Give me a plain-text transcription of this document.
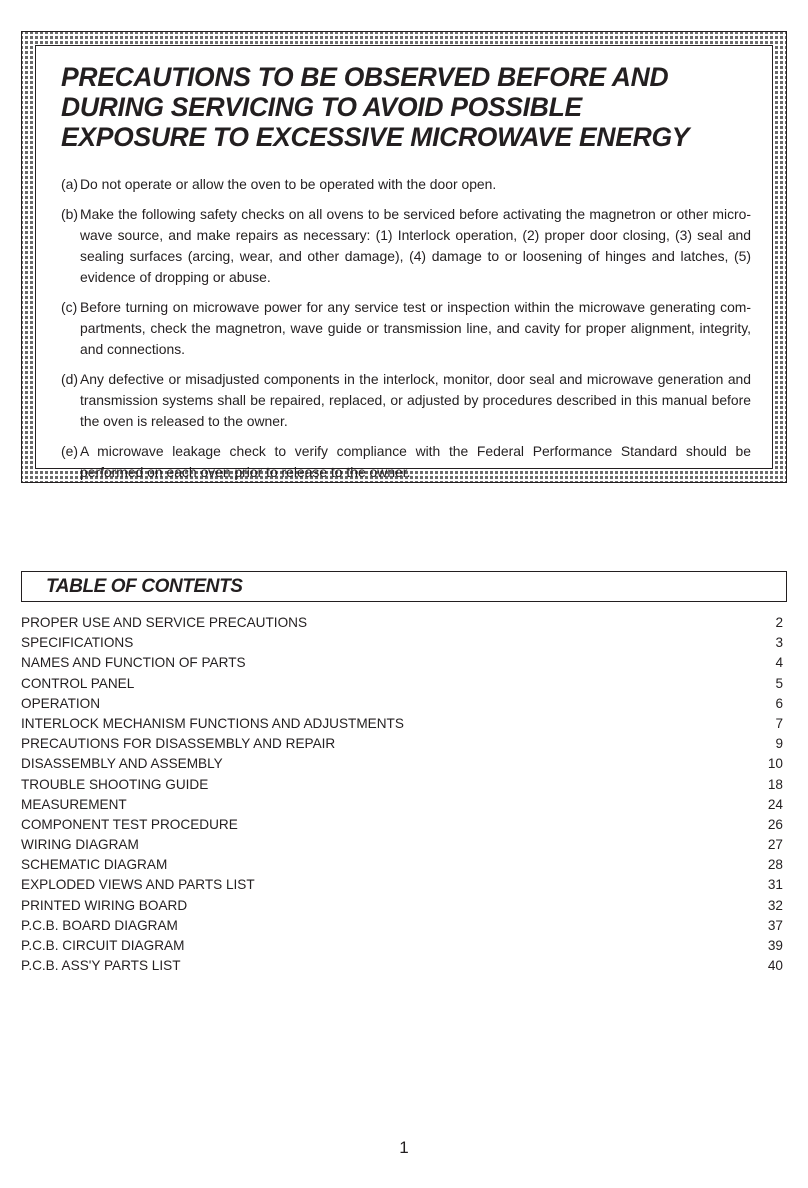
PRECAUTIONS TO BE OBSERVED BEFORE AND
DURING SERVICING TO AVOID POSSIBLE
EXPOSURE TO EXCESSIVE MICROWAVE ENERGY
(a) Do not operate or allow the oven to be operated with the door open.
(b) Make the following safety checks on all ovens to be serviced before activating the magnetron or other micro-wave source, and make repairs as necessary: (1) Interlock operation, (2) proper door closing, (3) seal and sealing surfaces (arcing, wear, and other damage), (4) damage to or loosening of hinges and latches, (5) evidence of dropping or abuse.
(c) Before turning on microwave power for any service test or inspection within the microwave generating com-partments, check the magnetron, wave guide or transmission line, and cavity for proper alignment, integrity, and connections.
(d) Any defective or misadjusted components in the interlock, monitor, door seal and microwave generation and transmission systems shall be repaired, replaced, or adjusted by procedures described in this manual before the oven is released to the owner.
(e) A microwave leakage check to verify compliance with the Federal Performance Standard should be performed on each oven prior to release to the owner.
TABLE OF CONTENTS
PROPER USE AND SERVICE PRECAUTIONS	2
SPECIFICATIONS	3
NAMES AND FUNCTION OF PARTS	4
CONTROL PANEL	5
OPERATION	6
INTERLOCK MECHANISM FUNCTIONS AND ADJUSTMENTS	7
PRECAUTIONS FOR DISASSEMBLY AND REPAIR	9
DISASSEMBLY AND ASSEMBLY	10
TROUBLE SHOOTING GUIDE	18
MEASUREMENT	24
COMPONENT TEST PROCEDURE	26
WIRING DIAGRAM	27
SCHEMATIC DIAGRAM	28
EXPLODED VIEWS AND PARTS LIST	31
PRINTED WIRING BOARD	32
P.C.B. BOARD DIAGRAM	37
P.C.B. CIRCUIT DIAGRAM	39
P.C.B. ASS'Y PARTS LIST	40
1
